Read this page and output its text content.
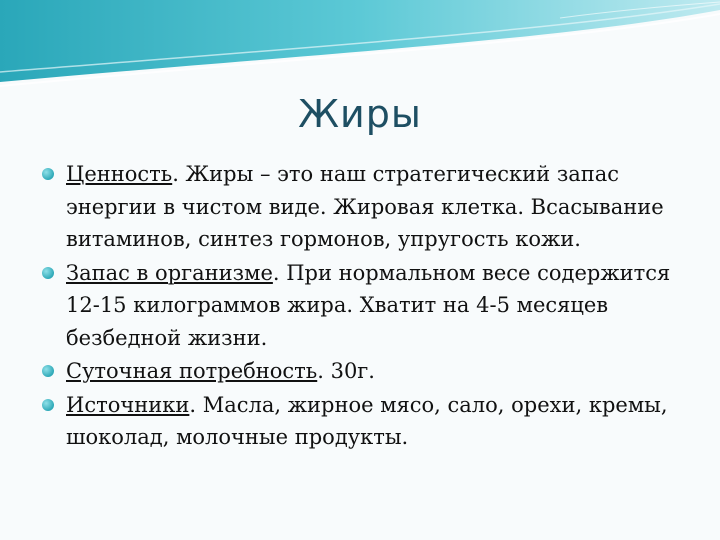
Жиры
Ценность. Жиры – это наш стратегический запас энергии в чистом виде. Жировая клетка. Всасывание витаминов, синтез гормонов, упругость кожи.
Запас в организме. При нормальном весе содержится 12-15 килограммов жира. Хватит на 4-5 месяцев безбедной жизни.
Суточная потребность. 30г.
Источники. Масла, жирное мясо, сало, орехи, кремы, шоколад, молочные продукты.
